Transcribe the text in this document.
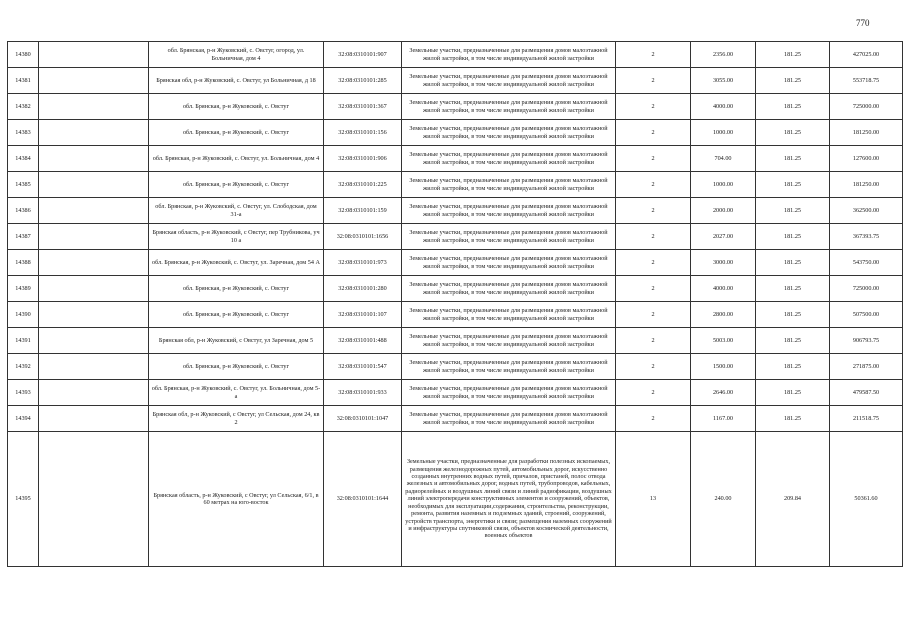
770
14380		обл. Брянская, р-н Жуковский, с. Овстуг, огород, ул. Больничная, дом 4	32:08:0310101:907	Земельные участки, предназначенные для размещения домов малоэтажной жилой застройки, в том числе индивидуальной жилой застройки	2	2356.00	181.25	427025.00
14381		Брянская обл, р-н Жуковский, с. Овстуг, ул Больничная, д 18	32:08:0310101:285	Земельные участки, предназначенные для размещения домов малоэтажной жилой застройки, в том числе индивидуальной жилой застройки	2	3055.00	181.25	553718.75
14382		обл. Брянская, р-н Жуковский, с. Овстуг	32:08:0310101:367	Земельные участки, предназначенные для размещения домов малоэтажной жилой застройки, в том числе индивидуальной жилой застройки	2	4000.00	181.25	725000.00
14383		обл. Брянская, р-н Жуковский, с. Овстуг	32:08:0310101:156	Земельные участки, предназначенные для размещения домов малоэтажной жилой застройки, в том числе индивидуальной жилой застройки	2	1000.00	181.25	181250.00
14384		обл. Брянская, р-н Жуковский, с. Овстуг, ул. Больничная, дом 4	32:08:0310101:906	Земельные участки, предназначенные для размещения домов малоэтажной жилой застройки, в том числе индивидуальной жилой застройки	2	704.00	181.25	127600.00
14385		обл. Брянская, р-н Жуковский, с. Овстуг	32:08:0310101:225	Земельные участки, предназначенные для размещения домов малоэтажной жилой застройки, в том числе индивидуальной жилой застройки	2	1000.00	181.25	181250.00
14386		обл. Брянская, р-н Жуковский, с. Овстуг, ул. Слободская, дом 31-а	32:08:0310101:159	Земельные участки, предназначенные для размещения домов малоэтажной жилой застройки, в том числе индивидуальной жилой застройки	2	2000.00	181.25	362500.00
14387		Брянская область, р-н Жуковский, с Овстуг, пер Трубникова, уч 10 а	32:08:0310101:1656	Земельные участки, предназначенные для размещения домов малоэтажной жилой застройки, в том числе индивидуальной жилой застройки	2	2027.00	181.25	367393.75
14388		обл. Брянская, р-н Жуковский, с. Овстуг, ул. Заречная, дом 54 А	32:08:0310101:973	Земельные участки, предназначенные для размещения домов малоэтажной жилой застройки, в том числе индивидуальной жилой застройки	2	3000.00	181.25	543750.00
14389		обл. Брянская, р-н Жуковский, с. Овстуг	32:08:0310101:280	Земельные участки, предназначенные для размещения домов малоэтажной жилой застройки, в том числе индивидуальной жилой застройки	2	4000.00	181.25	725000.00
14390		обл. Брянская, р-н Жуковский, с. Овстуг	32:08:0310101:107	Земельные участки, предназначенные для размещения домов малоэтажной жилой застройки, в том числе индивидуальной жилой застройки	2	2800.00	181.25	507500.00
14391		Брянская обл, р-н Жуковский, с Овстуг, ул Заречная, дом 5	32:08:0310101:488	Земельные участки, предназначенные для размещения домов малоэтажной жилой застройки, в том числе индивидуальной жилой застройки	2	5003.00	181.25	906793.75
14392		обл. Брянская, р-н Жуковский, с. Овстуг	32:08:0310101:547	Земельные участки, предназначенные для размещения домов малоэтажной жилой застройки, в том числе индивидуальной жилой застройки	2	1500.00	181.25	271875.00
14393		обл. Брянская, р-н Жуковский, с. Овстуг, ул. Больничная, дом 5-а	32:08:0310101:933	Земельные участки, предназначенные для размещения домов малоэтажной жилой застройки, в том числе индивидуальной жилой застройки	2	2646.00	181.25	479587.50
14394		Брянская обл, р-н Жуковский, с Овстуг, ул Сельская, дом 24, кв 2	32:08:0310101:1047	Земельные участки, предназначенные для размещения домов малоэтажной жилой застройки, в том числе индивидуальной жилой застройки	2	1167.00	181.25	211518.75
14395		Брянская область, р-н Жуковский, с Овстуг, ул Сельская, 6/1, в 60 метрах на юго-восток	32:08:0310101:1644	Земельные участки, предназначенные для разработки полезных ископаемых, размещения железнодорожных путей, автомобильных дорог, искусственно созданных внутренних водных путей, причалов, пристаней, полос отвода железных и автомобильных дорог, водных путей, трубопроводов, кабельных, радиорелейных и воздушных линий связи и линий радиофикации, воздушных линий электропередачи конструктивных элементов и сооружений, объектов, необходимых для эксплуатации,содержания, строительства, реконструкции, ремонта, развития наземных и подземных зданий, строений, сооружений, устройств транспорта, энергетики и связи; размещения наземных сооружений и инфраструктуры спутниковой связи, объектов космической деятельности, военных объектов	13	240.00	209.84	50361.60
